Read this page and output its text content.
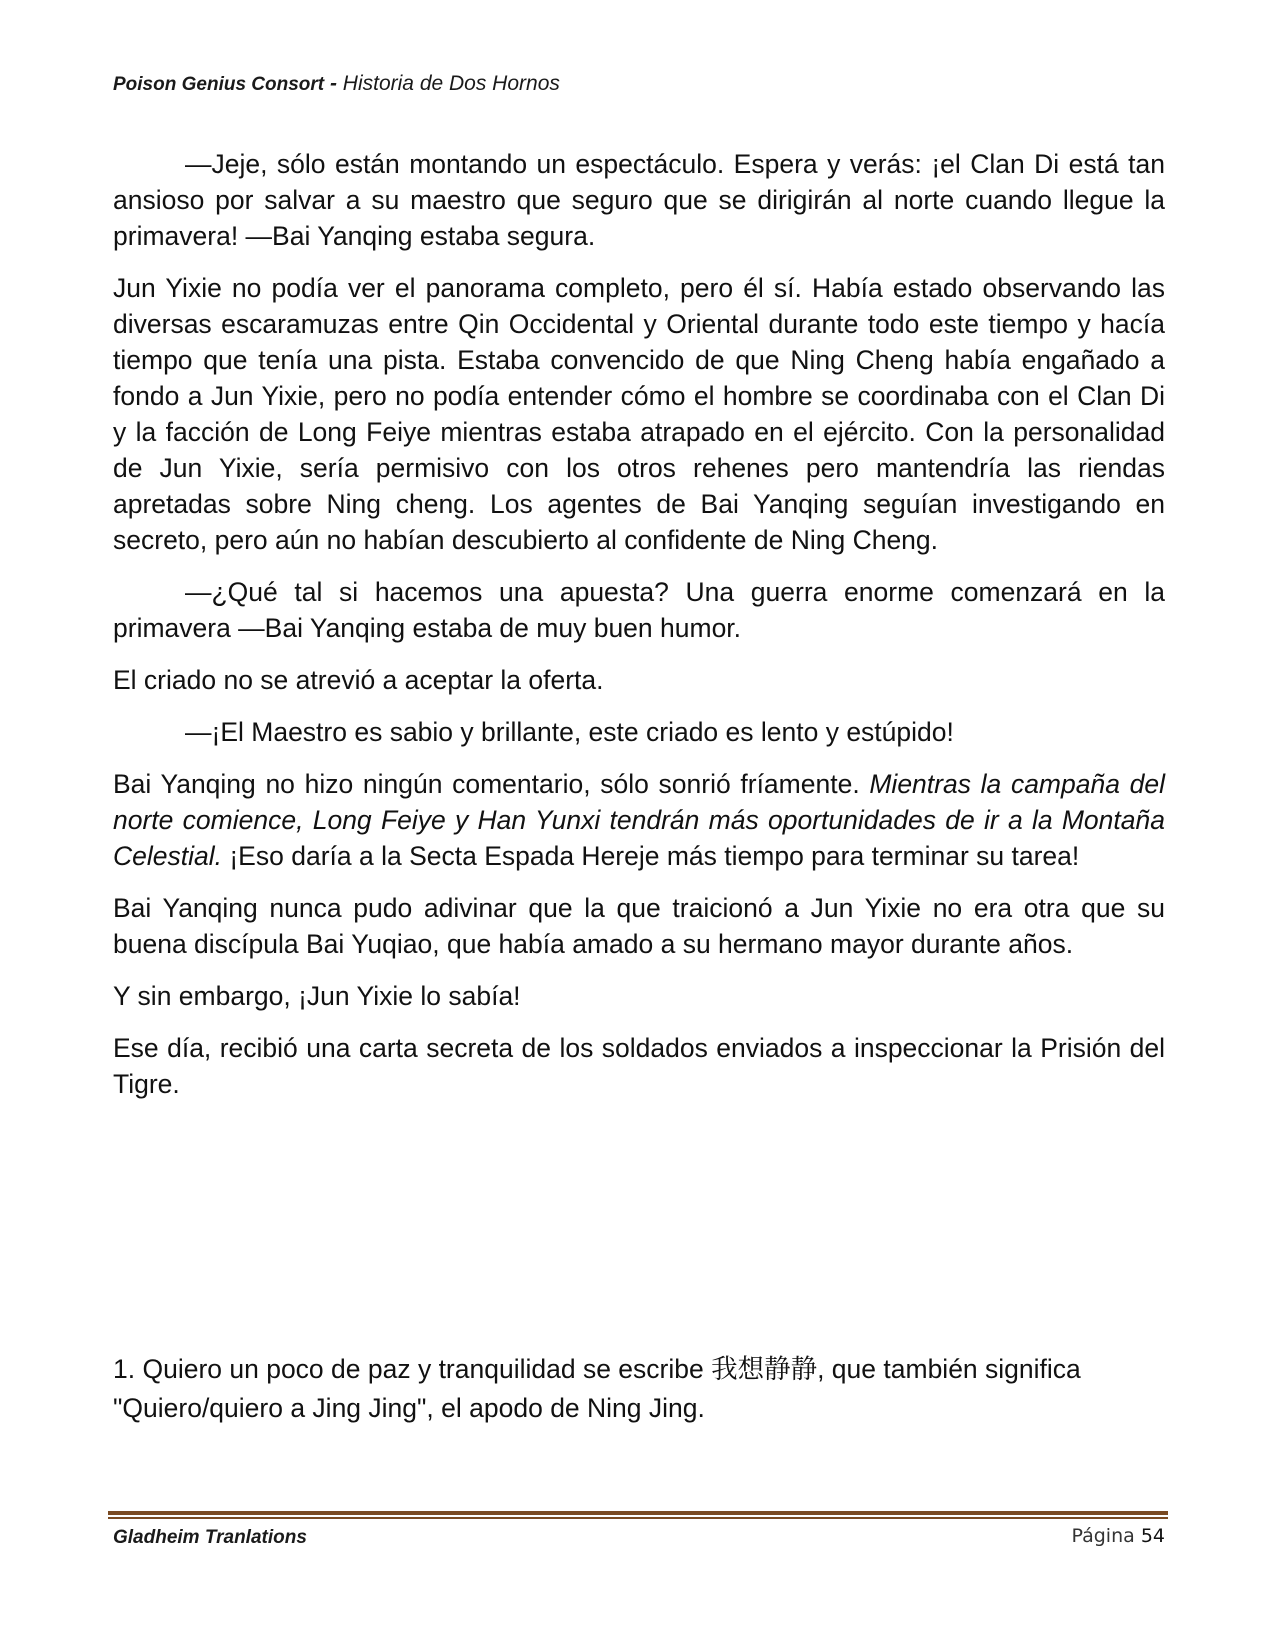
Poison Genius Consort - Historia de Dos Hornos

—Jeje, sólo están montando un espectáculo. Espera y verás: ¡el Clan Di está tan ansioso por salvar a su maestro que seguro que se dirigirán al norte cuando llegue la primavera! —Bai Yanqing estaba segura.

Jun Yixie no podía ver el panorama completo, pero él sí. Había estado observando las diversas escaramuzas entre Qin Occidental y Oriental durante todo este tiempo y hacía tiempo que tenía una pista. Estaba convencido de que Ning Cheng había engañado a fondo a Jun Yixie, pero no podía entender cómo el hombre se coordinaba con el Clan Di y la facción de Long Feiye mientras estaba atrapado en el ejército. Con la personalidad de Jun Yixie, sería permisivo con los otros rehenes pero mantendría las riendas apretadas sobre Ning cheng. Los agentes de Bai Yanqing seguían investigando en secreto, pero aún no habían descubierto al confidente de Ning Cheng.

—¿Qué tal si hacemos una apuesta? Una guerra enorme comenzará en la primavera —Bai Yanqing estaba de muy buen humor.

El criado no se atrevió a aceptar la oferta.

—¡El Maestro es sabio y brillante, este criado es lento y estúpido!

Bai Yanqing no hizo ningún comentario, sólo sonrió fríamente. Mientras la campaña del norte comience, Long Feiye y Han Yunxi tendrán más oportunidades de ir a la Montaña Celestial. ¡Eso daría a la Secta Espada Hereje más tiempo para terminar su tarea!

Bai Yanqing nunca pudo adivinar que la que traicionó a Jun Yixie no era otra que su buena discípula Bai Yuqiao, que había amado a su hermano mayor durante años.

Y sin embargo, ¡Jun Yixie lo sabía!

Ese día, recibió una carta secreta de los soldados enviados a inspeccionar la Prisión del Tigre.

1. Quiero un poco de paz y tranquilidad se escribe 我想静静, que también significa "Quiero/quiero a Jing Jing", el apodo de Ning Jing.

Gladheim Tranlations	Página 54
